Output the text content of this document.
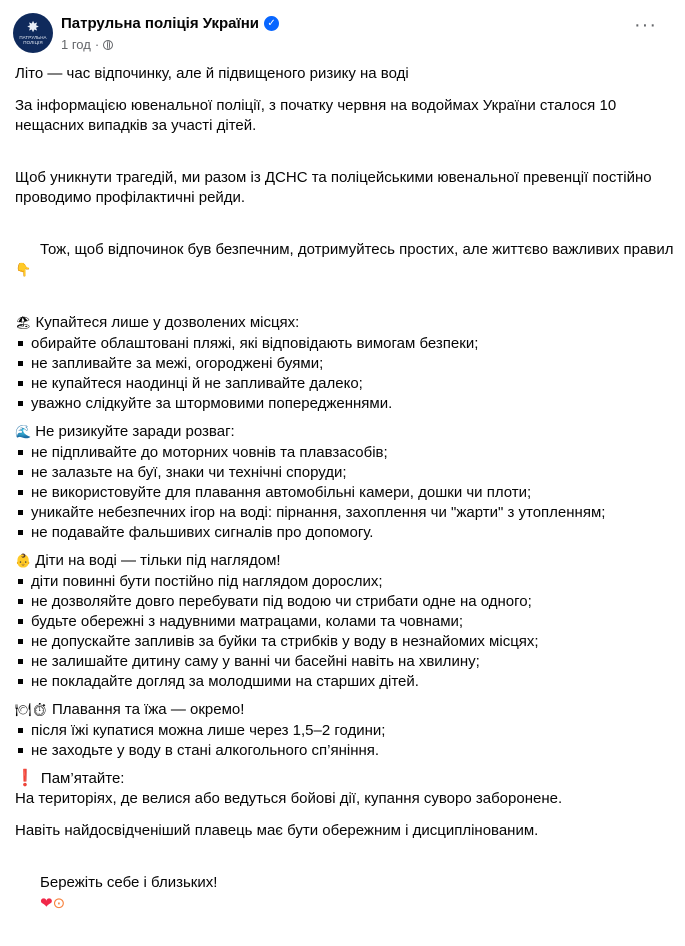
✸
ПАТРУЛЬНА ПОЛІЦІЯ
Патрульна поліція України ✓
1 год ·
···
Літо — час відпочинку, але й підвищеного ризику на воді
За інформацією ювенальної поліції, з початку червня на водоймах України сталося 10 нещасних випадків за участі дітей.
Щоб уникнути трагедій, ми разом із ДСНС та поліцейськими ювенальної превенції постійно проводимо профілактичні рейди.

Тож, щоб відпочинок був безпечним, дотримуйтесь простих, але життєво важливих правил👇

🏖 Купайтеся лише у дозволених місцях:
обирайте облаштовані пляжі, які відповідають вимогам безпеки;
не запливайте за межі, огороджені буями;
не купайтеся наодинці й не запливайте далеко;
уважно слідкуйте за штормовими попередженнями.
🌊 Не ризикуйте заради розваг:
не підпливайте до моторних човнів та плавзасобів;
не залазьте на буї, знаки чи технічні споруди;
не використовуйте для плавання автомобільні камери, дошки чи плоти;
уникайте небезпечних ігор на воді: пірнання, захоплення чи "жарти" з утопленням;
не подавайте фальшивих сигналів про допомогу.
👶 Діти на воді — тільки під наглядом!
діти повинні бути постійно під наглядом дорослих;
не дозволяйте довго перебувати під водою чи стрибати одне на одного;
будьте обережні з надувними матрацами, колами та човнами;
не допускайте запливів за буйки та стрибків у воду в незнайомих місцях;
не залишайте дитину саму у ванні чи басейні навіть на хвилину;
не покладайте догляд за молодшими на старших дітей.
🍽⏱ Плавання та їжа — окремо!
після їжі купатися можна лише через 1,5–2 години;
не заходьте у воду в стані алкогольного сп’яніння.
❗ Пам’ятайте:
На територіях, де велися або ведуться бойові дії, купання суворо заборонене.
Навіть найдосвідченіший плавець має бути обережним і дисциплінованим.

Бережіть себе і близьких!
❤⊙
